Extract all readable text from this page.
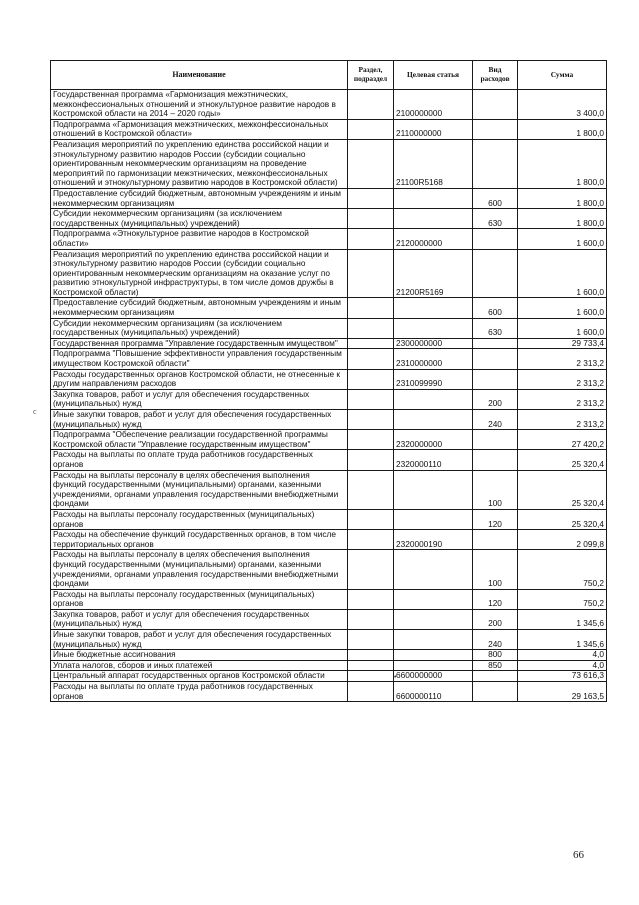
Наименование	Раздел, подраздел	Целевая статья	Вид расходов	Сумма
Государственная программа «Гармонизация межэтнических, межконфессиональных отношений и этнокультурное развитие народов в Костромской области на 2014 – 2020 годы»		2100000000		3 400,0
Подпрограмма «Гармонизация межэтнических, межконфессиональных отношений в Костромской области»		2110000000		1 800,0
Реализация мероприятий по укреплению единства российской нации и этнокультурному развитию народов России (субсидии социально ориентированным некоммерческим организациям на проведение мероприятий по гармонизации межэтнических, межконфессиональных отношений и этнокультурному развитию народов в Костромской области)		21100R5168		1 800,0
Предоставление субсидий бюджетным, автономным учреждениям и иным некоммерческим организациям			600	1 800,0
Субсидии некоммерческим организациям (за исключением государственных (муниципальных) учреждений)			630	1 800,0
Подпрограмма «Этнокультурное развитие народов в Костромской области»		2120000000		1 600,0
Реализация мероприятий по укреплению единства российской нации и этнокультурному развитию народов России (субсидии социально ориентированным некоммерческим организациям на оказание услуг по развитию этнокультурной инфраструктуры, в том числе домов дружбы в Костромской области)		21200R5169		1 600,0
Предоставление субсидий бюджетным, автономным учреждениям и иным некоммерческим организациям			600	1 600,0
Субсидии некоммерческим организациям (за исключением государственных (муниципальных) учреждений)			630	1 600,0
Государственная программа "Управление государственным имуществом"		2300000000		29 733,4
Подпрограмма "Повышение эффективности управления государственным имуществом Костромской области"		2310000000		2 313,2
Расходы государственных органов Костромской области, не отнесенные к другим направлениям расходов		2310099990		2 313,2
Закупка товаров, работ и услуг для обеспечения государственных (муниципальных) нужд			200	2 313,2
Иные закупки товаров, работ и услуг для обеспечения государственных (муниципальных) нужд			240	2 313,2
Подпрограмма "Обеспечение реализации государственной программы Костромской области "Управление государственным имуществом"		2320000000		27 420,2
Расходы на выплаты по оплате труда работников государственных органов		2320000110		25 320,4
Расходы на выплаты персоналу в целях обеспечения выполнения функций государственными (муниципальными) органами, казенными учреждениями, органами управления государственными внебюджетными фондами			100	25 320,4
Расходы на выплаты персоналу государственных (муниципальных) органов			120	25 320,4
Расходы на обеспечение функций государственных органов, в том числе территориальных органов		2320000190		2 099,8
Расходы на выплаты персоналу в целях обеспечения выполнения функций государственными (муниципальными) органами, казенными учреждениями, органами управления государственными внебюджетными фондами			100	750,2
Расходы на выплаты персоналу государственных (муниципальных) органов			120	750,2
Закупка товаров, работ и услуг для обеспечения государственных (муниципальных) нужд			200	1 345,6
Иные закупки товаров, работ и услуг для обеспечения государственных (муниципальных) нужд			240	1 345,6
Иные бюджетные ассигнования			800	4,0
Уплата налогов, сборов и иных платежей			850	4,0
Центральный аппарат государственных органов Костромской области		6600000000		73 616,3
Расходы на выплаты по оплате труда работников государственных органов		6600000110		29 163,5
c
•
66
